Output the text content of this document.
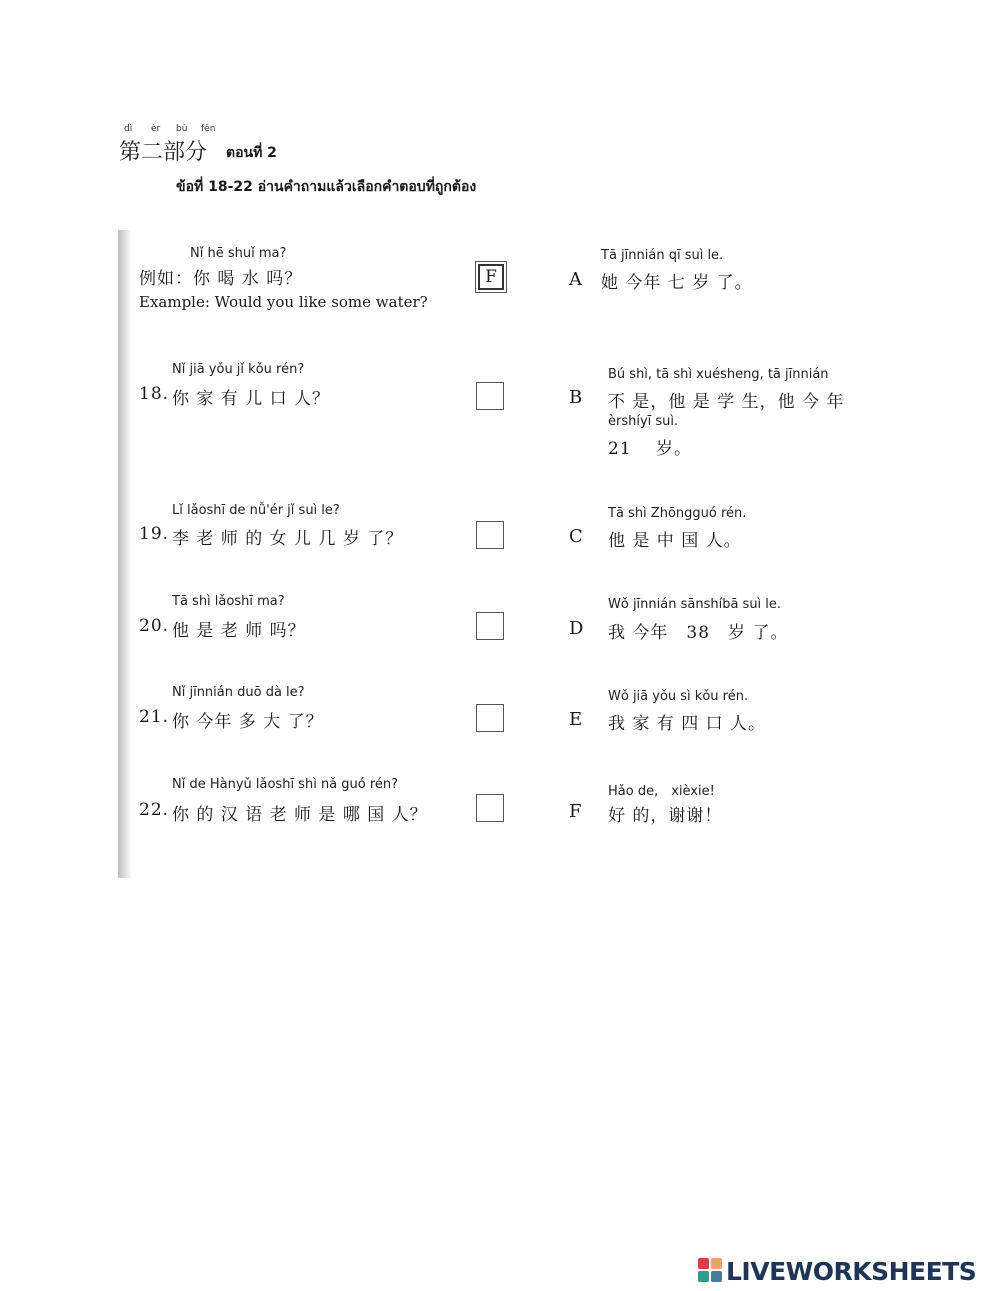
dì èr bù fēn
第二部分 ตอนที่ 2
ข้อที่ 18-22 อ่านคำถามแล้วเลือกคำตอบที่ถูกต้อง
Nǐ hē shuǐ ma?
例如：你 喝 水 吗？
Example: Would you like some water?
F
Nǐ jiā yǒu jǐ kǒu rén?
18. 你 家 有 儿 口 人？
Lǐ lǎoshī de nǚ'ér jǐ suì le?
19. 李 老 师 的 女 儿 几 岁 了？
Tā shì lǎoshī ma?
20. 他 是 老 师 吗？
Nǐ jīnnián duō dà le?
21. 你 今年 多 大 了？
Nǐ de Hànyǔ lǎoshī shì nǎ guó rén?
22. 你 的 汉 语 老 师 是 哪 国 人？
Tā jīnnián qī suì le.
A 她 今年 七 岁 了。
Bú shì, tā shì xuésheng, tā jīnnián
B 不 是，他 是 学 生，他 今 年
èrshíyī suì.
21　 岁。
Tā shì Zhōngguó rén.
C 他 是 中 国 人。
Wǒ jīnnián sānshíbā suì le.
D 我 今年　38　岁 了。
Wǒ jiā yǒu sì kǒu rén.
E 我 家 有 四 口 人。
Hǎo de,　xièxie!
F 好 的，谢谢！
LIVEWORKSHEETS
